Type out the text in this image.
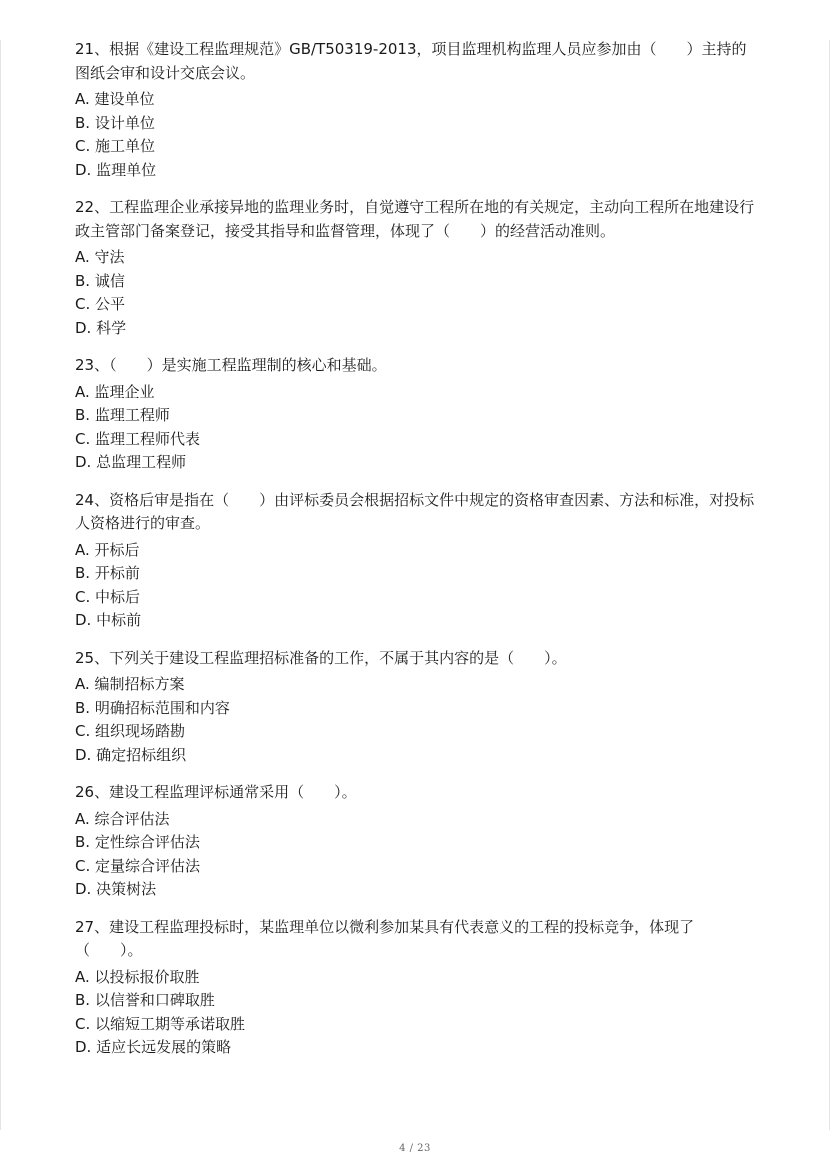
21、根据《建设工程监理规范》GB/T50319-2013，项目监理机构监理人员应参加由（　　）主持的图纸会审和设计交底会议。

A. 建设单位

B. 设计单位

C. 施工单位

D. 监理单位

22、工程监理企业承接异地的监理业务时，自觉遵守工程所在地的有关规定，主动向工程所在地建设行政主管部门备案登记，接受其指导和监督管理，体现了（　　）的经营活动准则。

A. 守法

B. 诚信

C. 公平

D. 科学

23、（　　）是实施工程监理制的核心和基础。

A. 监理企业

B. 监理工程师

C. 监理工程师代表

D. 总监理工程师

24、资格后审是指在（　　）由评标委员会根据招标文件中规定的资格审查因素、方法和标准，对投标人资格进行的审查。

A. 开标后

B. 开标前

C. 中标后

D. 中标前

25、下列关于建设工程监理招标准备的工作，不属于其内容的是（　　）。

A. 编制招标方案

B. 明确招标范围和内容

C. 组织现场踏勘

D. 确定招标组织

26、建设工程监理评标通常采用（　　）。

A. 综合评估法

B. 定性综合评估法

C. 定量综合评估法

D. 决策树法

27、建设工程监理投标时，某监理单位以微利参加某具有代表意义的工程的投标竞争，体现了（　　）。

A. 以投标报价取胜

B. 以信誉和口碑取胜

C. 以缩短工期等承诺取胜

D. 适应长远发展的策略

4 / 23
